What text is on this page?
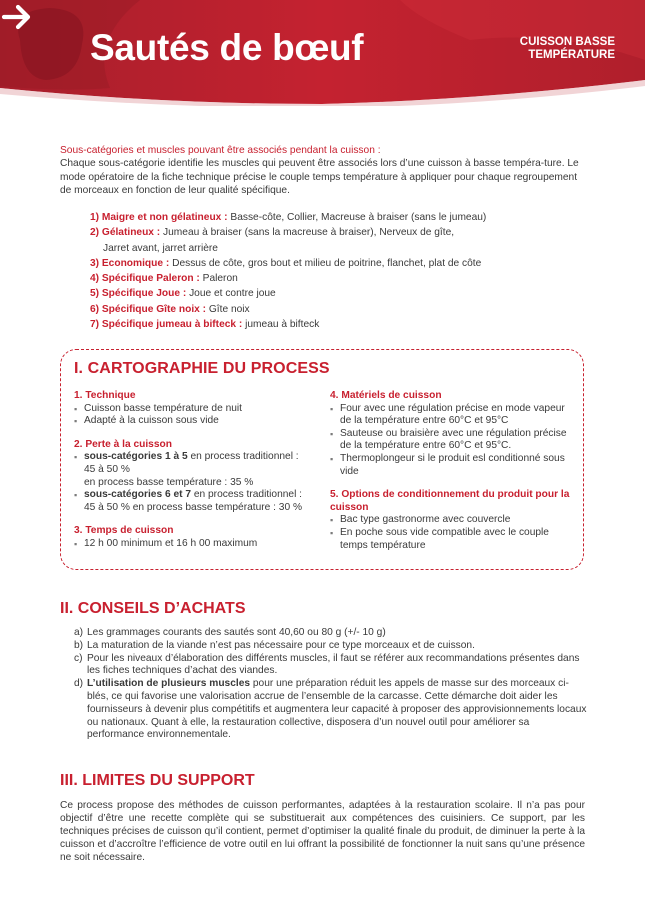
Sautés de bœuf	CUISSON BASSE
TEMPÉRATURE
Sous-catégories et muscles pouvant être associés pendant la cuisson :
Chaque sous-catégorie identifie les muscles qui peuvent être associés lors d’une cuisson à basse tempéra-ture. Le mode opératoire de la fiche technique précise le couple temps température à appliquer pour chaque regroupement de morceaux en fonction de leur qualité spécifique.
1) Maigre et non gélatineux : Basse-côte, Collier, Macreuse à braiser (sans le jumeau)
2) Gélatineux : Jumeau à braiser (sans la macreuse à braiser), Nerveux de gîte,
Jarret avant, jarret arrière
3) Economique : Dessus de côte, gros bout et milieu de poitrine, flanchet, plat de côte
4) Spécifique Paleron : Paleron
5) Spécifique Joue : Joue et contre joue
6) Spécifique Gîte noix : Gîte noix
7) Spécifique jumeau à bifteck : jumeau à bifteck
I. CARTOGRAPHIE DU PROCESS
1. Technique
▪ Cuisson basse température de nuit
▪ Adapté à la cuisson sous vide
2. Perte à la cuisson
▪ sous-catégories 1 à 5 en process traditionnel :
45 à 50 %
en process basse température : 35 %
▪ sous-catégories 6 et 7 en process traditionnel :
45 à 50 % en process basse température : 30 %
3. Temps de cuisson
▪ 12 h 00 minimum et 16 h 00 maximum
4. Matériels de cuisson
▪ Four avec une régulation précise en mode vapeur de la température entre 60°C et 95°C
▪ Sauteuse ou braisière avec une régulation précise de la température entre 60°C et 95°C.
▪ Thermoplongeur si le produit esl conditionné sous vide
5. Options de conditionnement du produit pour la cuisson
▪ Bac type gastronorme avec couvercle
▪ En poche sous vide compatible avec le couple temps température
II. CONSEILS D’ACHATS
a) Les grammages courants des sautés sont 40,60 ou 80 g (+/- 10 g)
b) La maturation de la viande n’est pas nécessaire pour ce type morceaux et de cuisson.
c) Pour les niveaux d’élaboration des différents muscles, il faut se référer aux recommandations présentes dans les fiches techniques d’achat des viandes.
d) L’utilisation de plusieurs muscles pour une préparation réduit les appels de masse sur des morceaux ci-blés, ce qui favorise une valorisation accrue de l’ensemble de la carcasse. Cette démarche doit aider les fournisseurs à devenir plus compétitifs et augmentera leur capacité à proposer des approvisionnements locaux ou nationaux. Quant à elle, la restauration collective, disposera d’un nouvel outil pour améliorer sa performance environnementale.
III. LIMITES DU SUPPORT
Ce process propose des méthodes de cuisson performantes, adaptées à la restauration scolaire. Il n’a pas pour objectif d’être une recette complète qui se substituerait aux compétences des cuisiniers. Ce support, par les techniques précises de cuisson qu’il contient, permet d’optimiser la qualité finale du produit, de diminuer la perte à la cuisson et d’accroître l’efficience de votre outil en lui offrant la possibilité de fonctionner la nuit sans qu’une présence ne soit nécessaire.
